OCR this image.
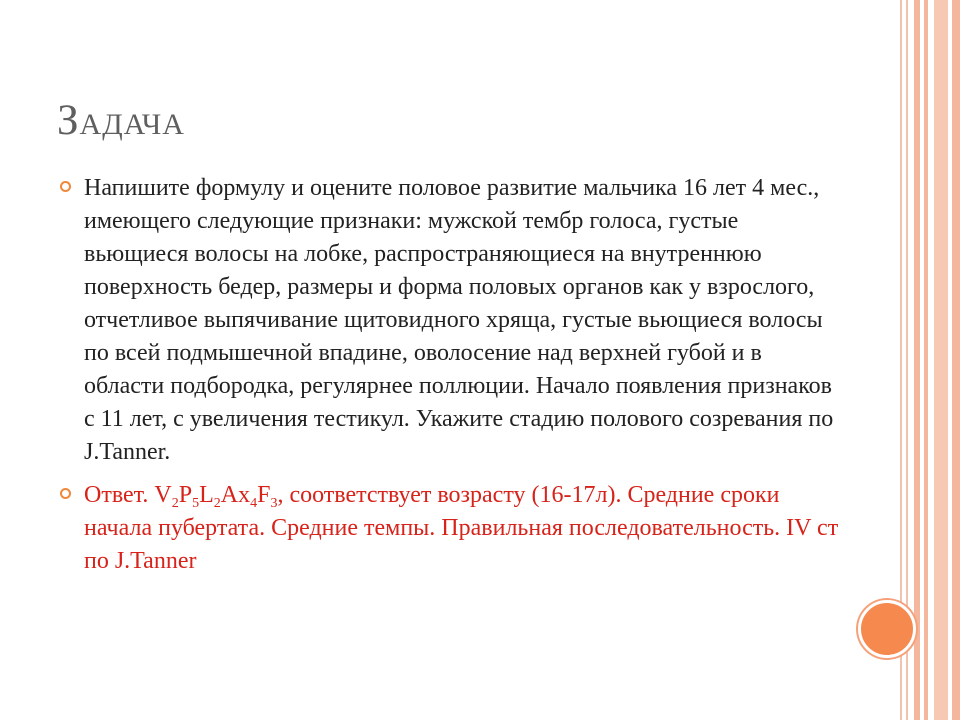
Задача
Напишите формулу и оцените половое развитие мальчика 16 лет 4 мес., имеющего следующие признаки: мужской тембр голоса, густые вьющиеся волосы на лобке, распространяющиеся на внутреннюю поверхность бедер, размеры и форма половых органов как у взрослого, отчетливое выпячивание щитовидного хряща, густые вьющиеся волосы по всей подмышечной впадине, оволосение над верхней губой и в области подбородка, регулярнее поллюции. Начало появления признаков с 11 лет, с увеличения тестикул. Укажите стадию полового созревания по J.Tanner.
Ответ. $V_2P_5L_2Ax_4F_3$, соответствует возрасту (16-17л). Средние сроки начала пубертата. Средние темпы. Правильная последовательность. IV ст по J.Tanner
